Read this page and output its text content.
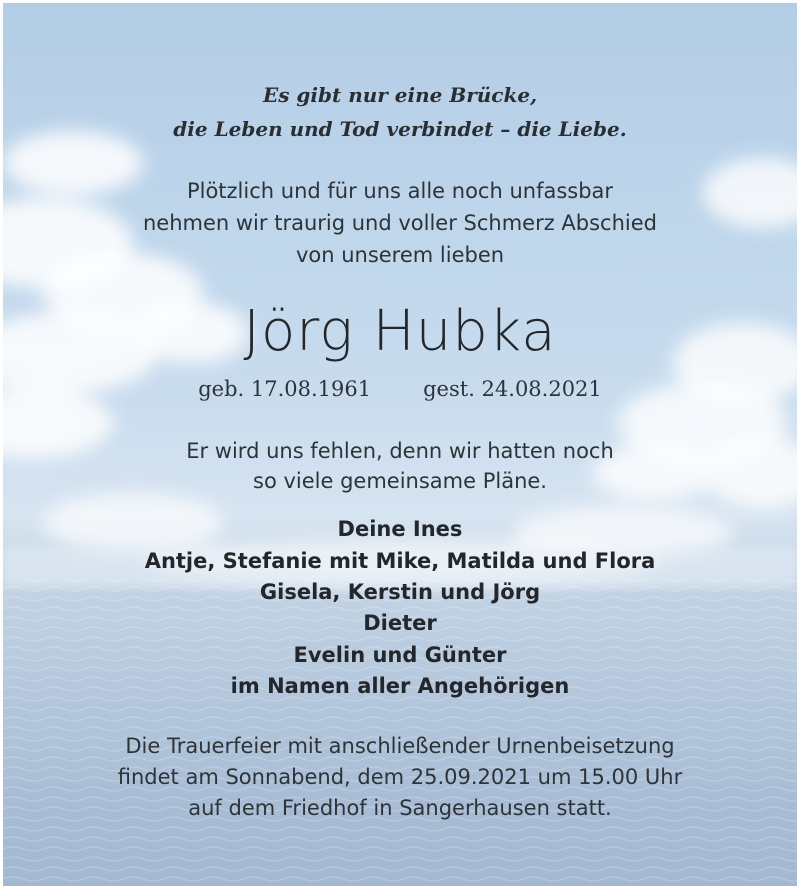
Es gibt nur eine Brücke,
die Leben und Tod verbindet – die Liebe.
Plötzlich und für uns alle noch unfassbar
nehmen wir traurig und voller Schmerz Abschied
von unserem lieben
Jörg Hubka
geb. 17.08.1961 gest. 24.08.2021
Er wird uns fehlen, denn wir hatten noch
so viele gemeinsame Pläne.
Deine Ines
Antje, Stefanie mit Mike, Matilda und Flora
Gisela, Kerstin und Jörg
Dieter
Evelin und Günter
im Namen aller Angehörigen
Die Trauerfeier mit anschließender Urnenbeisetzung
findet am Sonnabend, dem 25.09.2021 um 15.00 Uhr
auf dem Friedhof in Sangerhausen statt.
